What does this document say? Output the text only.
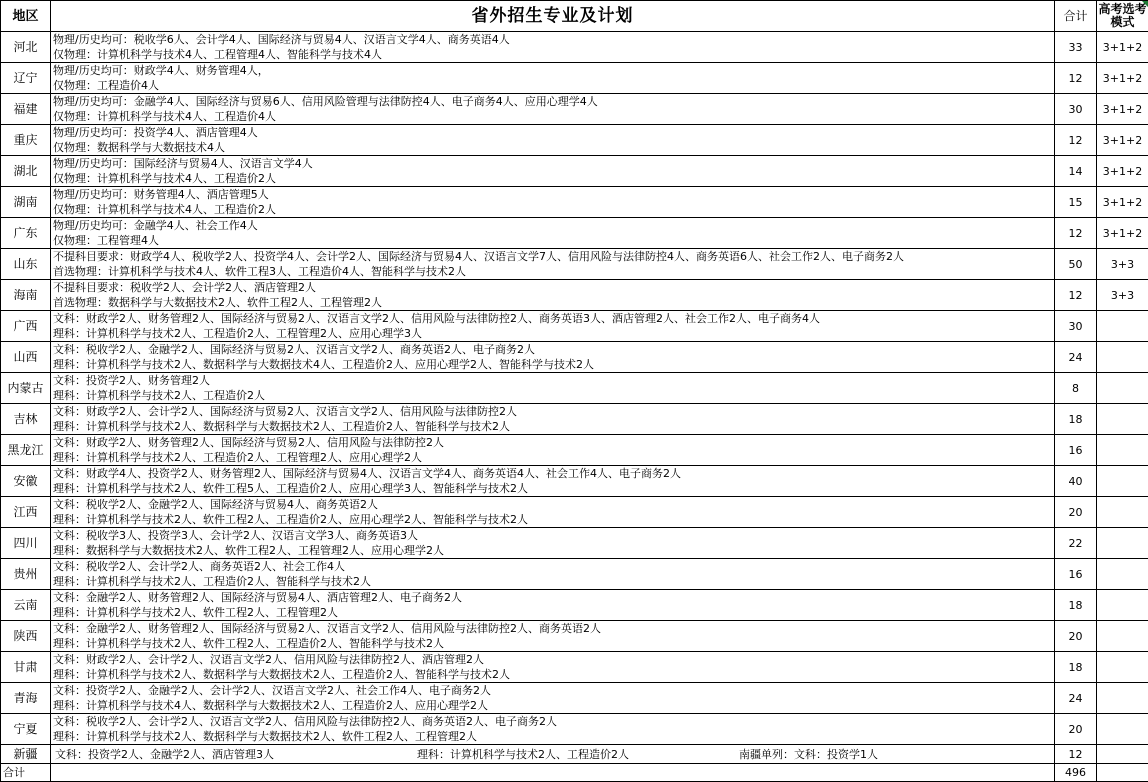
地区	省外招生专业及计划	合计	高考选考模式

河北	物理/历史均可：税收学6人、会计学4人、国际经济与贸易4人、汉语言文学4人、商务英语4人
仅物理：计算机科学与技术4人、工程管理4人、智能科学与技术4人	33	3+1+2
辽宁	物理/历史均可：财政学4人、财务管理4人，
仅物理：工程造价4人	12	3+1+2
福建	物理/历史均可：金融学4人、国际经济与贸易6人、信用风险管理与法律防控4人、电子商务4人、应用心理学4人
仅物理：计算机科学与技术4人、工程造价4人	30	3+1+2
重庆	物理/历史均可：投资学4人、酒店管理4人
仅物理：数据科学与大数据技术4人	12	3+1+2
湖北	物理/历史均可：国际经济与贸易4人、汉语言文学4人
仅物理：计算机科学与技术4人、工程造价2人	14	3+1+2
湖南	物理/历史均可：财务管理4人、酒店管理5人
仅物理：计算机科学与技术4人、工程造价2人	15	3+1+2
广东	物理/历史均可：金融学4人、社会工作4人
仅物理：工程管理4人	12	3+1+2
山东	不提科目要求：财政学4人、税收学2人、投资学4人、会计学2人、国际经济与贸易4人、汉语言文学7人、信用风险与法律防控4人、商务英语6人、社会工作2人、电子商务2人
首选物理：计算机科学与技术4人、软件工程3人、工程造价4人、智能科学与技术2人	50	3+3
海南	不提科目要求：税收学2人、会计学2人、酒店管理2人
首选物理：数据科学与大数据技术2人、软件工程2人、工程管理2人	12	3+3
广西	文科：财政学2人、财务管理2人、国际经济与贸易2人、汉语言文学2人、信用风险与法律防控2人、商务英语3人、酒店管理2人、社会工作2人、电子商务4人
理科：计算机科学与技术2人、工程造价2人、工程管理2人、应用心理学3人	30	
山西	文科：税收学2人、金融学2人、国际经济与贸易2人、汉语言文学2人、商务英语2人、电子商务2人
理科：计算机科学与技术2人、数据科学与大数据技术4人、工程造价2人、应用心理学2人、智能科学与技术2人	24	
内蒙古	文科：投资学2人、财务管理2人
理科：计算机科学与技术2人、工程造价2人	8	
吉林	文科：财政学2人、会计学2人、国际经济与贸易2人、汉语言文学2人、信用风险与法律防控2人
理科：计算机科学与技术2人、数据科学与大数据技术2人、工程造价2人、智能科学与技术2人	18	
黑龙江	文科：财政学2人、财务管理2人、国际经济与贸易2人、信用风险与法律防控2人
理科：计算机科学与技术2人、工程造价2人、工程管理2人、应用心理学2人	16	
安徽	文科：财政学4人、投资学2人、财务管理2人、国际经济与贸易4人、汉语言文学4人、商务英语4人、社会工作4人、电子商务2人
理科：计算机科学与技术2人、软件工程5人、工程造价2人、应用心理学3人、智能科学与技术2人	40	
江西	文科：税收学2人、金融学2人、国际经济与贸易4人、商务英语2人
理科：计算机科学与技术2人、软件工程2人、工程造价2人、应用心理学2人、智能科学与技术2人	20	
四川	文科：税收学3人、投资学3人、会计学2人、汉语言文学3人、商务英语3人
理科：数据科学与大数据技术2人、软件工程2人、工程管理2人、应用心理学2人	22	
贵州	文科：税收学2人、会计学2人、商务英语2人、社会工作4人
理科：计算机科学与技术2人、工程造价2人、智能科学与技术2人	16	
云南	文科：金融学2人、财务管理2人、国际经济与贸易4人、酒店管理2人、电子商务2人
理科：计算机科学与技术2人、软件工程2人、工程管理2人	18	
陕西	文科：金融学2人、财务管理2人、国际经济与贸易2人、汉语言文学2人、信用风险与法律防控2人、商务英语2人
理科：计算机科学与技术2人、软件工程2人、工程造价2人、智能科学与技术2人	20	
甘肃	文科：财政学2人、会计学2人、汉语言文学2人、信用风险与法律防控2人、酒店管理2人
理科：计算机科学与技术2人、数据科学与大数据技术2人、工程造价2人、智能科学与技术2人	18	
青海	文科：投资学2人、金融学2人、会计学2人、汉语言文学2人、社会工作4人、电子商务2人
理科：计算机科学与技术4人、数据科学与大数据技术2人、工程造价2人、应用心理学2人	24	
宁夏	文科：税收学2人、会计学2人、汉语言文学2人、信用风险与法律防控2人、商务英语2人、电子商务2人
理科：计算机科学与技术2人、数据科学与大数据技术2人、软件工程2人、工程管理2人	20	
新疆	文科：投资学2人、金融学2人、酒店管理3人 理科：计算机科学与技术2人、工程造价2人 南疆单列：文科：投资学1人	12	
合计		496	
